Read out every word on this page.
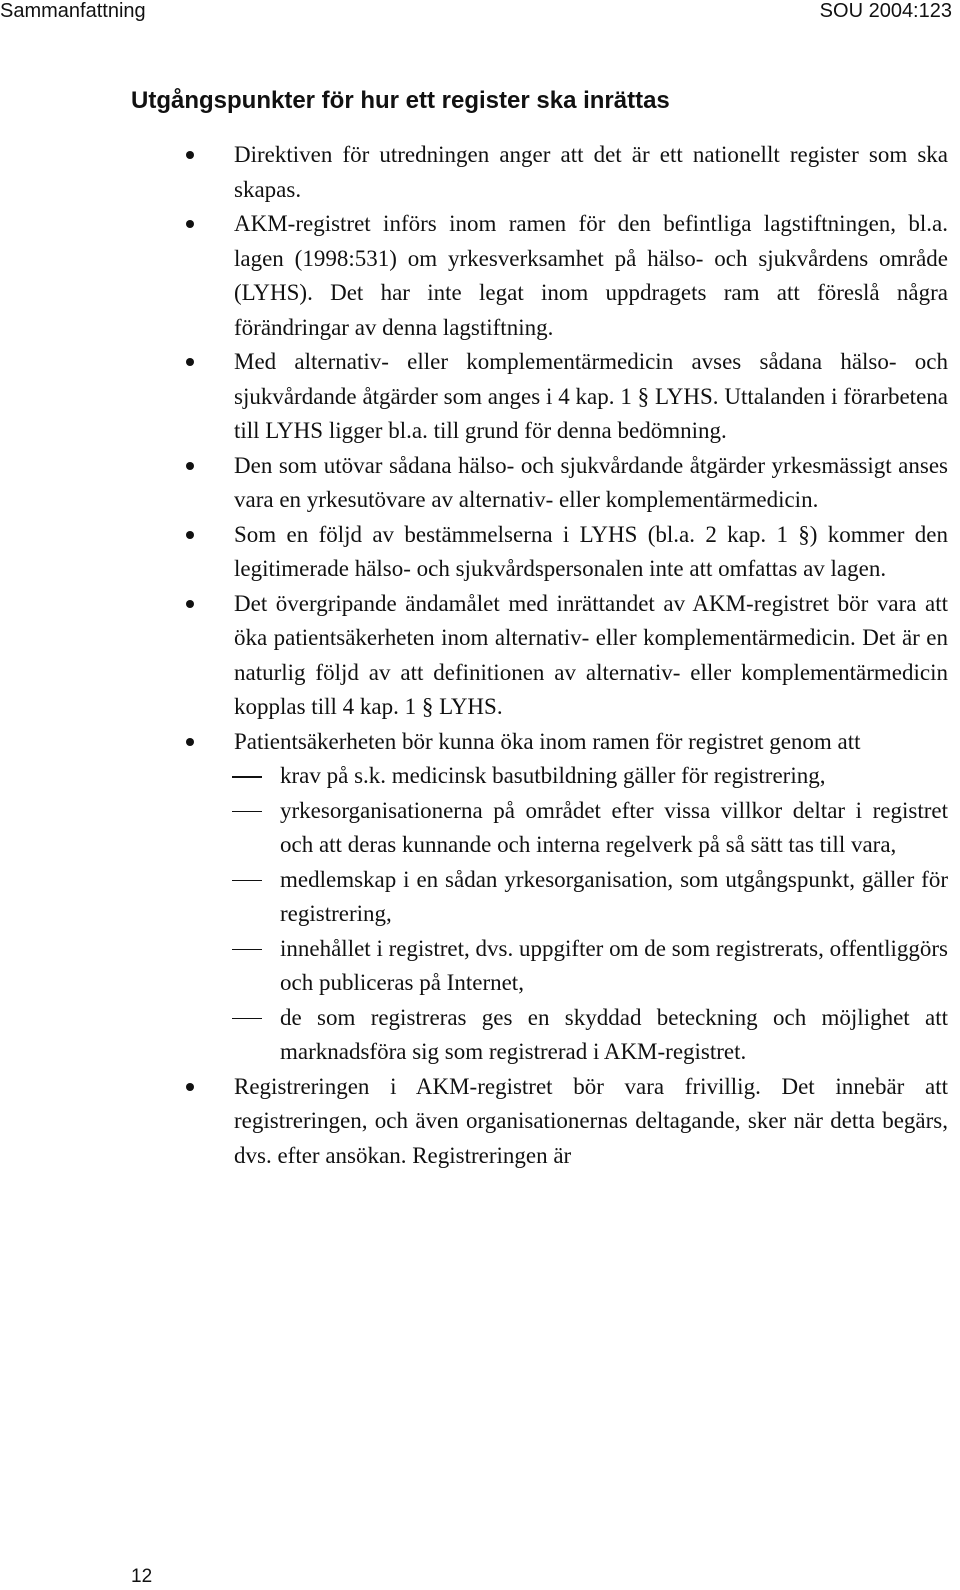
Sammanfattning	SOU 2004:123
Utgångspunkter för hur ett register ska inrättas

Direktiven för utredningen anger att det är ett nationellt register som ska skapas.

AKM-registret införs inom ramen för den befintliga lagstiftningen, bl.a. lagen (1998:531) om yrkesverksamhet på hälso- och sjukvårdens område (LYHS). Det har inte legat inom uppdragets ram att föreslå några förändringar av denna lagstiftning.

Med alternativ- eller komplementärmedicin avses sådana hälso- och sjukvårdande åtgärder som anges i 4 kap. 1 § LYHS. Uttalanden i förarbetena till LYHS ligger bl.a. till grund för denna bedömning.

Den som utövar sådana hälso- och sjukvårdande åtgärder yrkesmässigt anses vara en yrkesutövare av alternativ- eller komplementärmedicin.

Som en följd av bestämmelserna i LYHS (bl.a. 2 kap. 1 §) kommer den legitimerade hälso- och sjukvårdspersonalen inte att omfattas av lagen.

Det övergripande ändamålet med inrättandet av AKM-registret bör vara att öka patientsäkerheten inom alternativ- eller komplementärmedicin. Det är en naturlig följd av att definitionen av alternativ- eller komplementärmedicin kopplas till 4 kap. 1 § LYHS.

Patientsäkerheten bör kunna öka inom ramen för registret genom att

krav på s.k. medicinsk basutbildning gäller för registrering,

yrkesorganisationerna på området efter vissa villkor deltar i registret och att deras kunnande och interna regelverk på så sätt tas till vara,

medlemskap i en sådan yrkesorganisation, som utgångspunkt, gäller för registrering,

innehållet i registret, dvs. uppgifter om de som registrerats, offentliggörs och publiceras på Internet,

de som registreras ges en skyddad beteckning och möjlighet att marknadsföra sig som registrerad i AKM-registret.

Registreringen i AKM-registret bör vara frivillig. Det innebär att registreringen, och även organisationernas deltagande, sker när detta begärs, dvs. efter ansökan. Registreringen är

12
